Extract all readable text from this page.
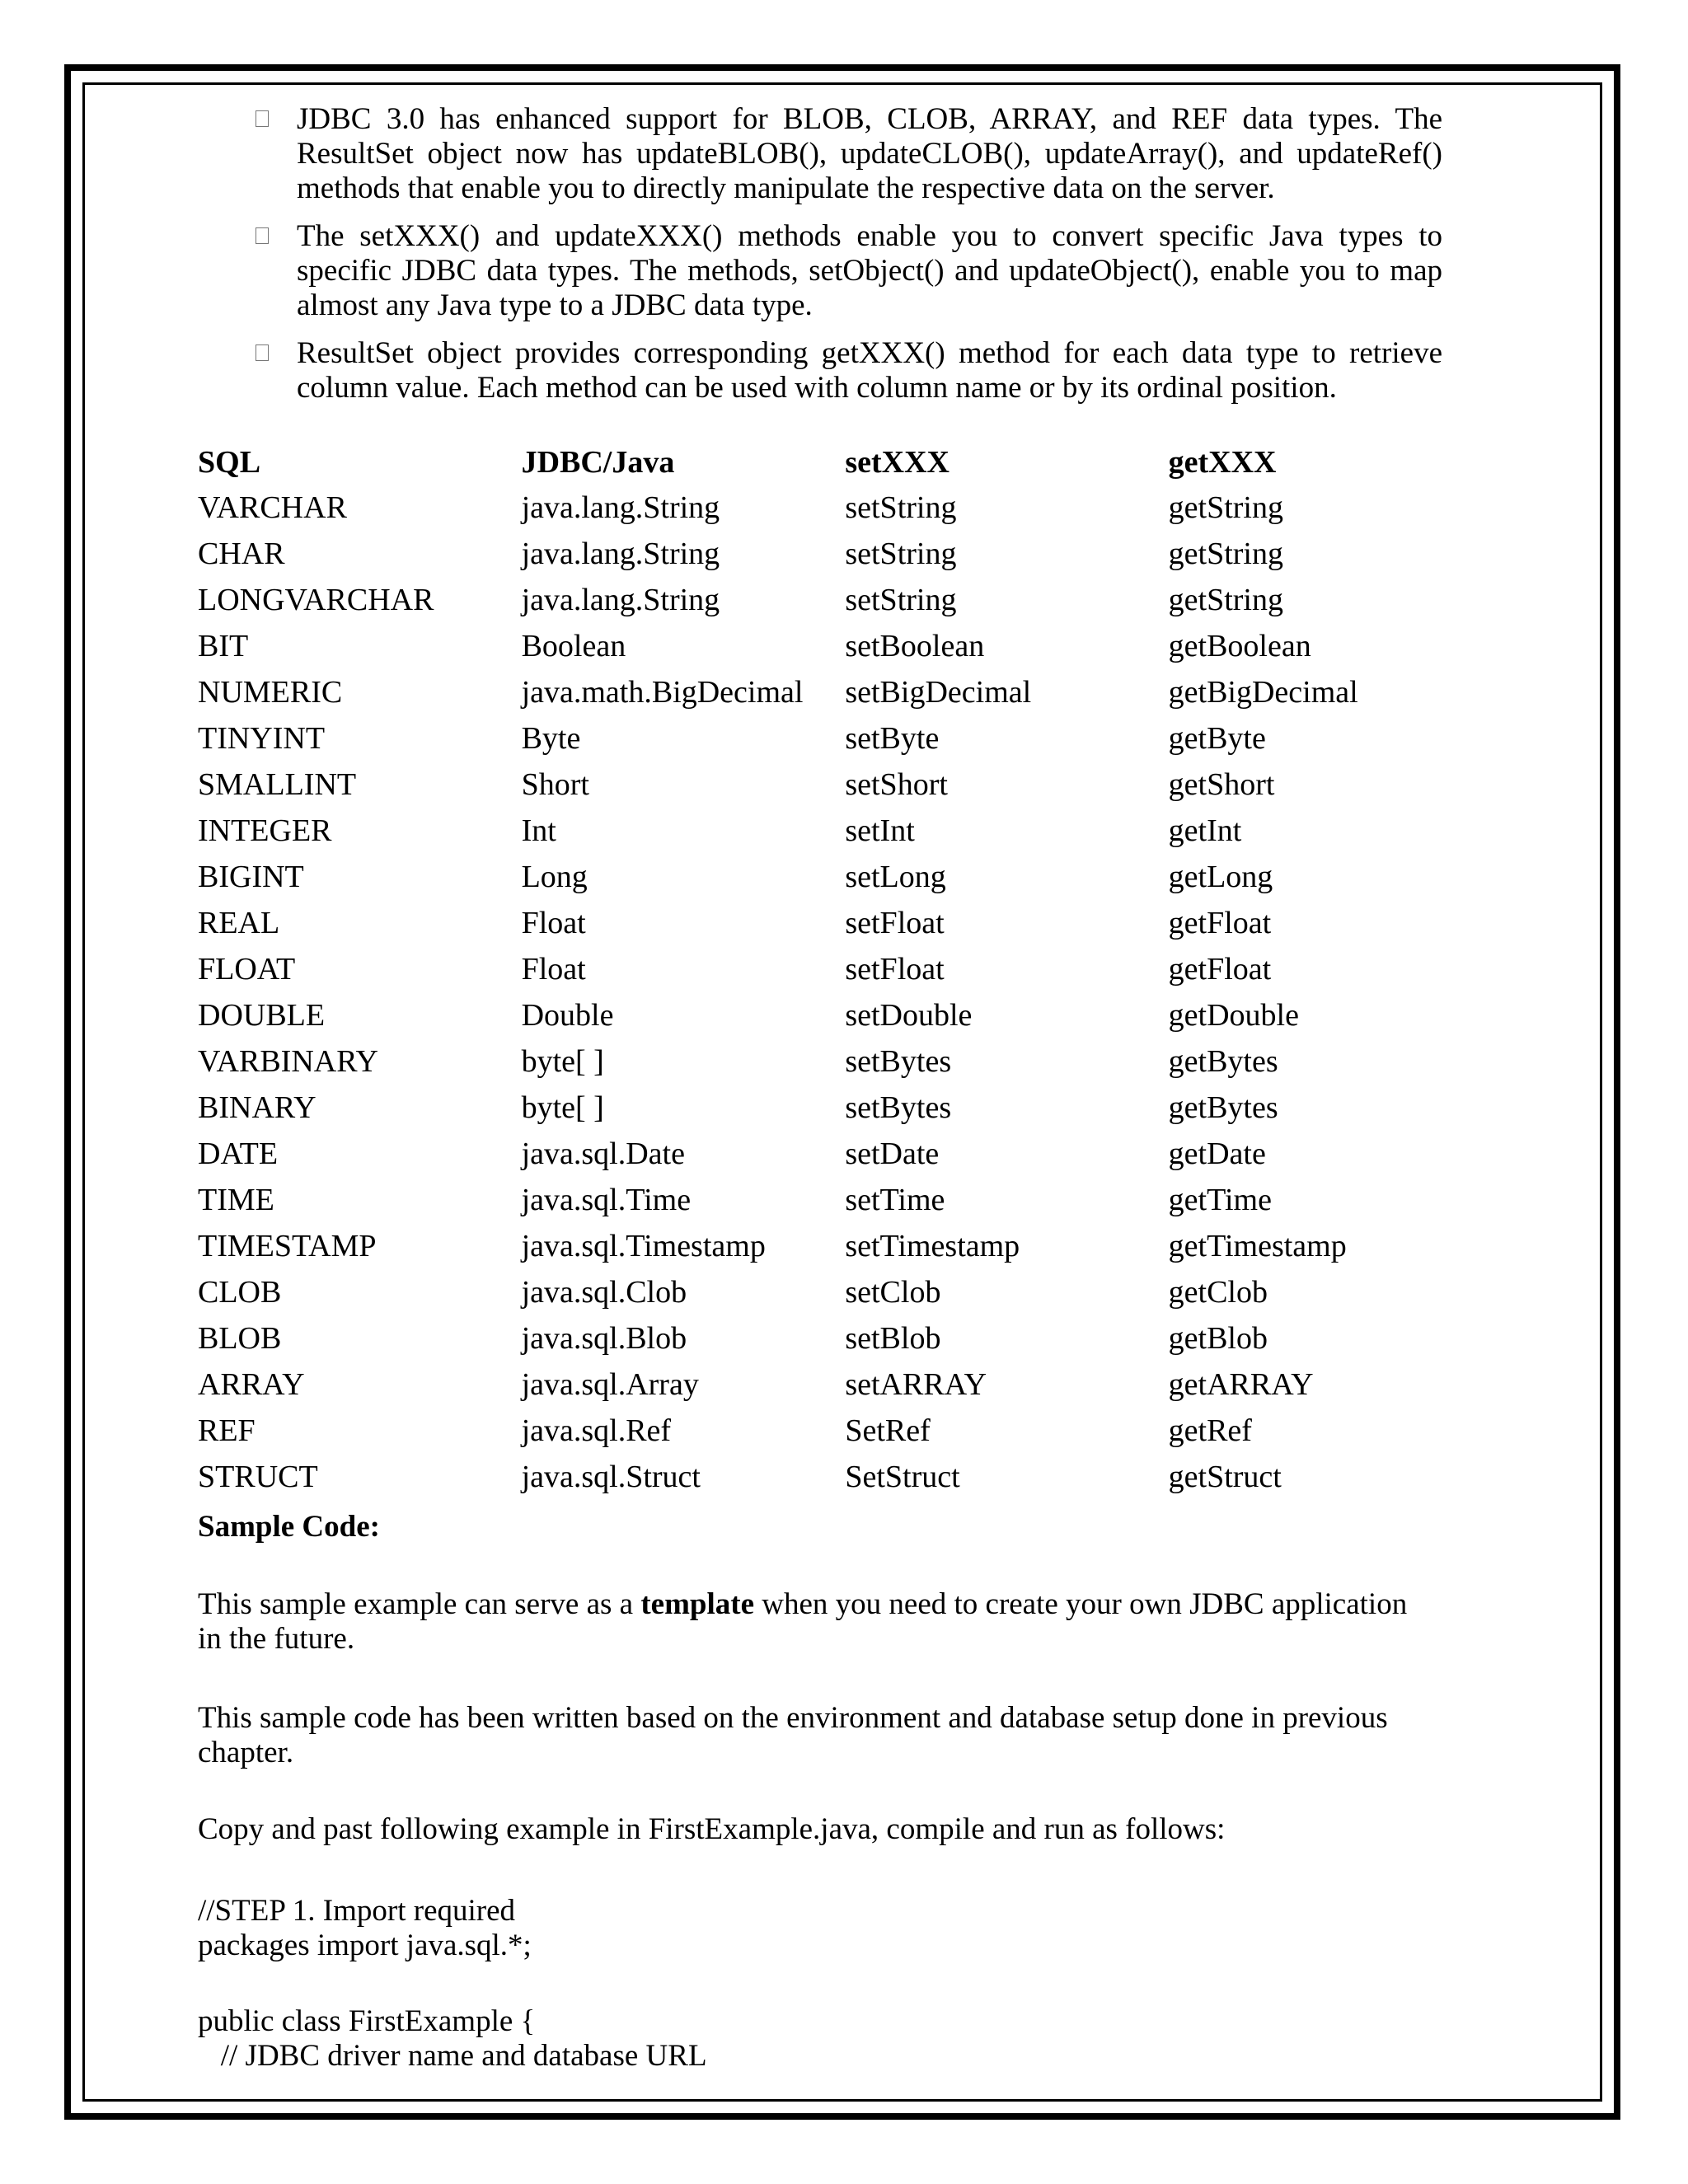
JDBC 3.0 has enhanced support for BLOB, CLOB, ARRAY, and REF data types. The ResultSet object now has updateBLOB(), updateCLOB(), updateArray(), and updateRef() methods that enable you to directly manipulate the respective data on the server.
The setXXX() and updateXXX() methods enable you to convert specific Java types to specific JDBC data types. The methods, setObject() and updateObject(), enable you to map almost any Java type to a JDBC data type.
ResultSet object provides corresponding getXXX() method for each data type to retrieve column value. Each method can be used with column name or by its ordinal position.
SQL	JDBC/Java	setXXX	getXXX
VARCHAR	java.lang.String	setString	getString
CHAR	java.lang.String	setString	getString
LONGVARCHAR	java.lang.String	setString	getString
BIT	Boolean	setBoolean	getBoolean
NUMERIC	java.math.BigDecimal	setBigDecimal	getBigDecimal
TINYINT	Byte	setByte	getByte
SMALLINT	Short	setShort	getShort
INTEGER	Int	setInt	getInt
BIGINT	Long	setLong	getLong
REAL	Float	setFloat	getFloat
FLOAT	Float	setFloat	getFloat
DOUBLE	Double	setDouble	getDouble
VARBINARY	byte[ ]	setBytes	getBytes
BINARY	byte[ ]	setBytes	getBytes
DATE	java.sql.Date	setDate	getDate
TIME	java.sql.Time	setTime	getTime
TIMESTAMP	java.sql.Timestamp	setTimestamp	getTimestamp
CLOB	java.sql.Clob	setClob	getClob
BLOB	java.sql.Blob	setBlob	getBlob
ARRAY	java.sql.Array	setARRAY	getARRAY
REF	java.sql.Ref	SetRef	getRef
STRUCT	java.sql.Struct	SetStruct	getStruct

Sample Code:

This sample example can serve as a template when you need to create your own JDBC application in the future.

This sample code has been written based on the environment and database setup done in previous chapter.

Copy and past following example in FirstExample.java, compile and run as follows:

//STEP 1. Import required
packages import java.sql.*;

public class FirstExample {
// JDBC driver name and database URL
